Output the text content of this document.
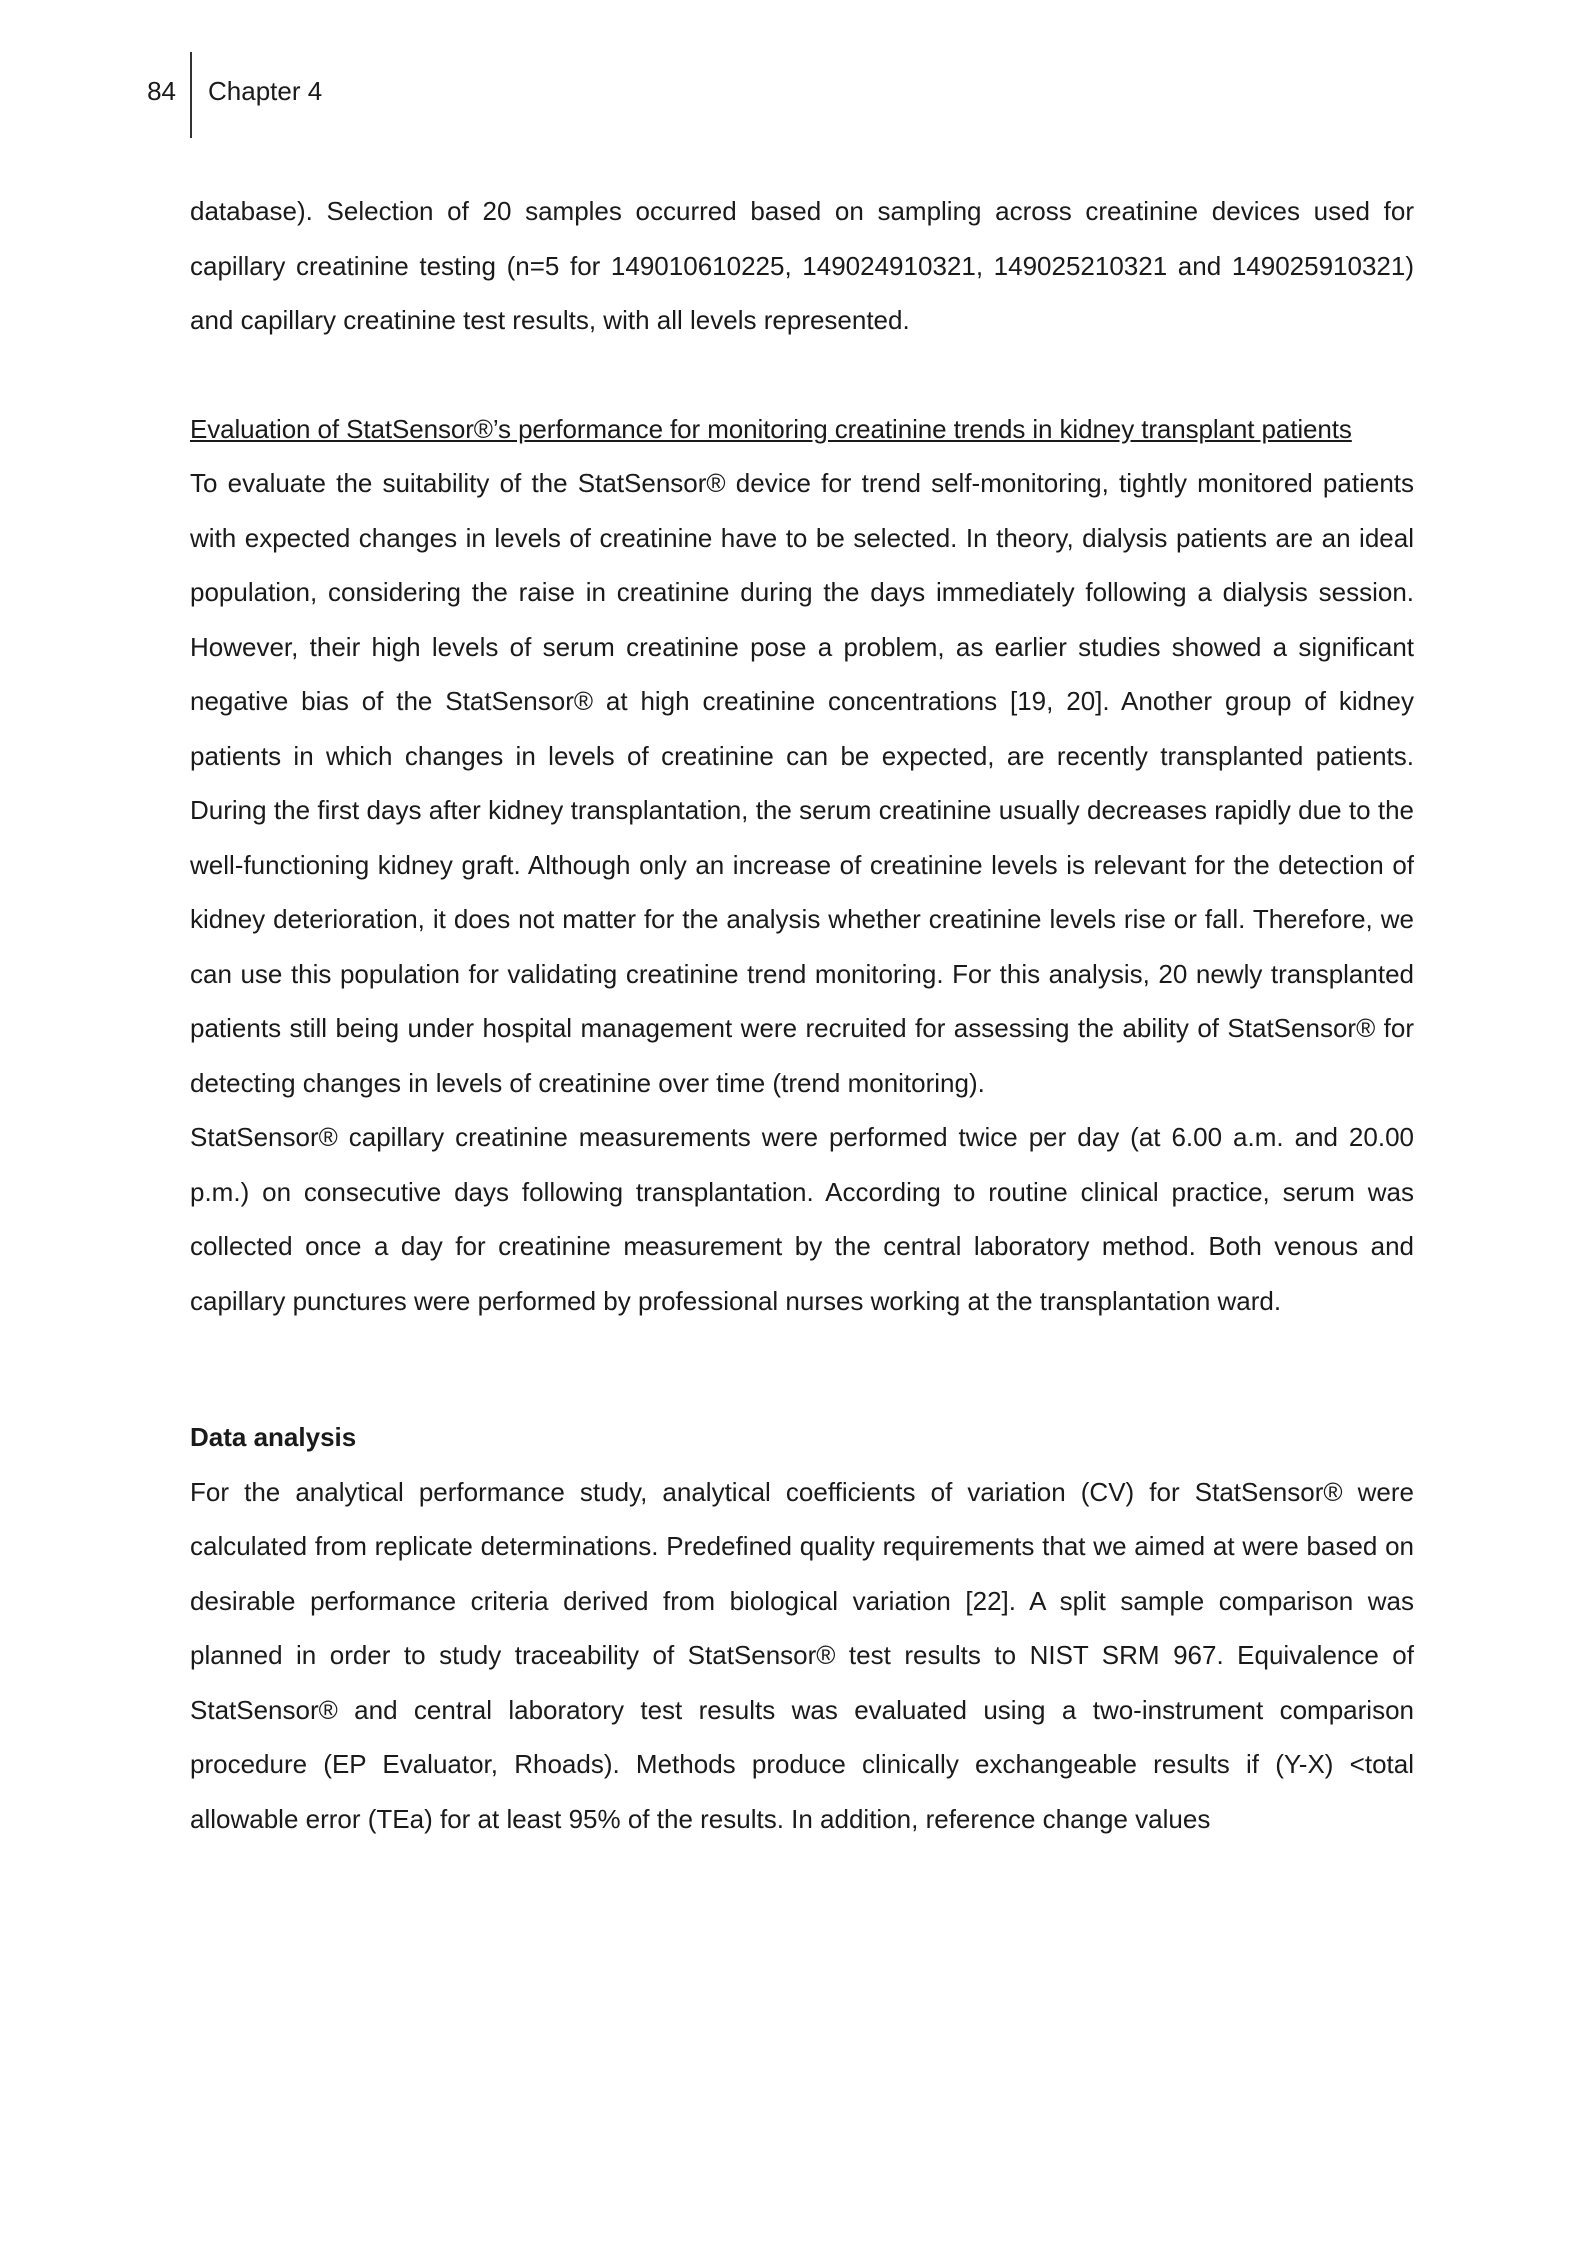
84 Chapter 4

database). Selection of 20 samples occurred based on sampling across creatinine devices used for capillary creatinine testing (n=5 for 149010610225, 149024910321, 149025210321 and 149025910321) and capillary creatinine test results, with all levels represented.

Evaluation of StatSensor®’s performance for monitoring creatinine trends in kidney transplant patients

To evaluate the suitability of the StatSensor® device for trend self-monitoring, tightly monitored patients with expected changes in levels of creatinine have to be selected. In theory, dialysis patients are an ideal population, considering the raise in creatinine during the days immediately following a dialysis session. However, their high levels of serum creatinine pose a problem, as earlier studies showed a significant negative bias of the StatSensor® at high creatinine concentrations [19, 20]. Another group of kidney patients in which changes in levels of creatinine can be expected, are recently transplanted patients. During the first days after kidney transplantation, the serum creatinine usually decreases rapidly due to the well-functioning kidney graft. Although only an increase of creatinine levels is relevant for the detection of kidney deterioration, it does not matter for the analysis whether creatinine levels rise or fall. Therefore, we can use this population for validating creatinine trend monitoring. For this analysis, 20 newly transplanted patients still being under hospital management were recruited for assessing the ability of StatSensor® for detecting changes in levels of creatinine over time (trend monitoring).

StatSensor® capillary creatinine measurements were performed twice per day (at 6.00 a.m. and 20.00 p.m.) on consecutive days following transplantation. According to routine clinical practice, serum was collected once a day for creatinine measurement by the central laboratory method. Both venous and capillary punctures were performed by professional nurses working at the transplantation ward.

Data analysis

For the analytical performance study, analytical coefficients of variation (CV) for StatSensor® were calculated from replicate determinations. Predefined quality requirements that we aimed at were based on desirable performance criteria derived from biological variation [22]. A split sample comparison was planned in order to study traceability of StatSensor® test results to NIST SRM 967. Equivalence of StatSensor® and central laboratory test results was evaluated using a two-instrument comparison procedure (EP Evaluator, Rhoads). Methods produce clinically exchangeable results if (Y-X) <total allowable error (TEa) for at least 95% of the results. In addition, reference change values
